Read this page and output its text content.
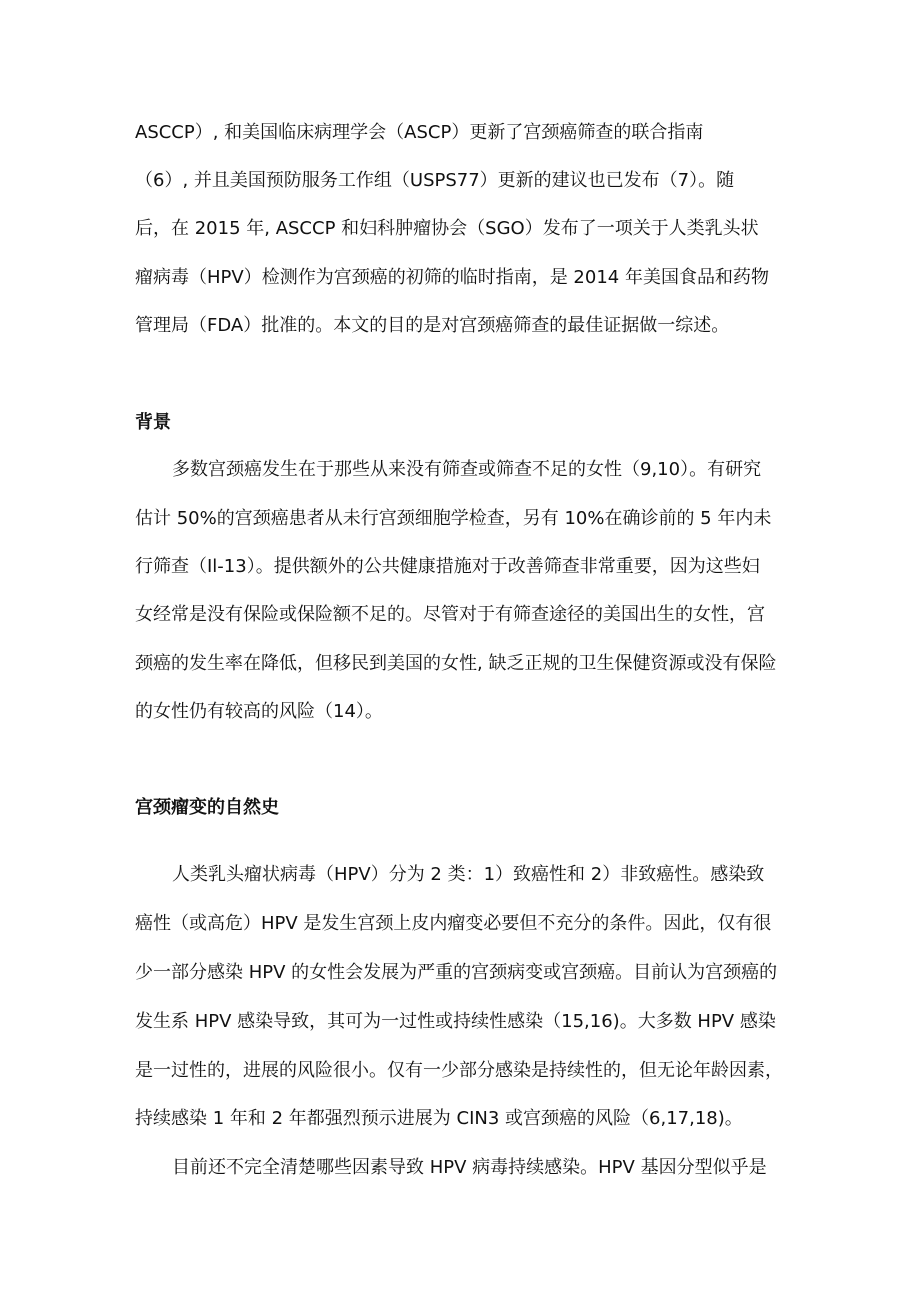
ASCCP）, 和美国临床病理学会（ASCP）更新了宫颈癌筛查的联合指南
（6）, 并且美国预防服务工作组（USPS77）更新的建议也已发布（7）。随
后，在 2015 年, ASCCP 和妇科肿瘤协会（SGO）发布了一项关于人类乳头状
瘤病毒（HPV）检测作为宫颈癌的初筛的临时指南，是 2014 年美国食品和药物
管理局（FDA）批准的。本文的目的是对宫颈癌筛查的最佳证据做一综述。
背景
多数宫颈癌发生在于那些从来没有筛查或筛查不足的女性（9,10）。有研究
估计 50%的宫颈癌患者从未行宫颈细胞学检查，另有 10%在确诊前的 5 年内未
行筛查（Il-13）。提供额外的公共健康措施对于改善筛查非常重要，因为这些妇
女经常是没有保险或保险额不足的。尽管对于有筛查途径的美国出生的女性，宫
颈癌的发生率在降低，但移民到美国的女性, 缺乏正规的卫生保健资源或没有保险
的女性仍有较高的风险（14）。
宫颈瘤变的自然史
人类乳头瘤状病毒（HPV）分为 2 类：1）致癌性和 2）非致癌性。感染致
癌性（或高危）HPV 是发生宫颈上皮内瘤变必要但不充分的条件。因此，仅有很
少一部分感染 HPV 的女性会发展为严重的宫颈病变或宫颈癌。目前认为宫颈癌的
发生系 HPV 感染导致，其可为一过性或持续性感染（15,16)。大多数 HPV 感染
是一过性的，进展的风险很小。仅有一少部分感染是持续性的，但无论年龄因素，
持续感染 1 年和 2 年都强烈预示进展为 CIN3 或宫颈癌的风险（6,17,18)。
目前还不完全清楚哪些因素导致 HPV 病毒持续感染。HPV 基因分型似乎是
